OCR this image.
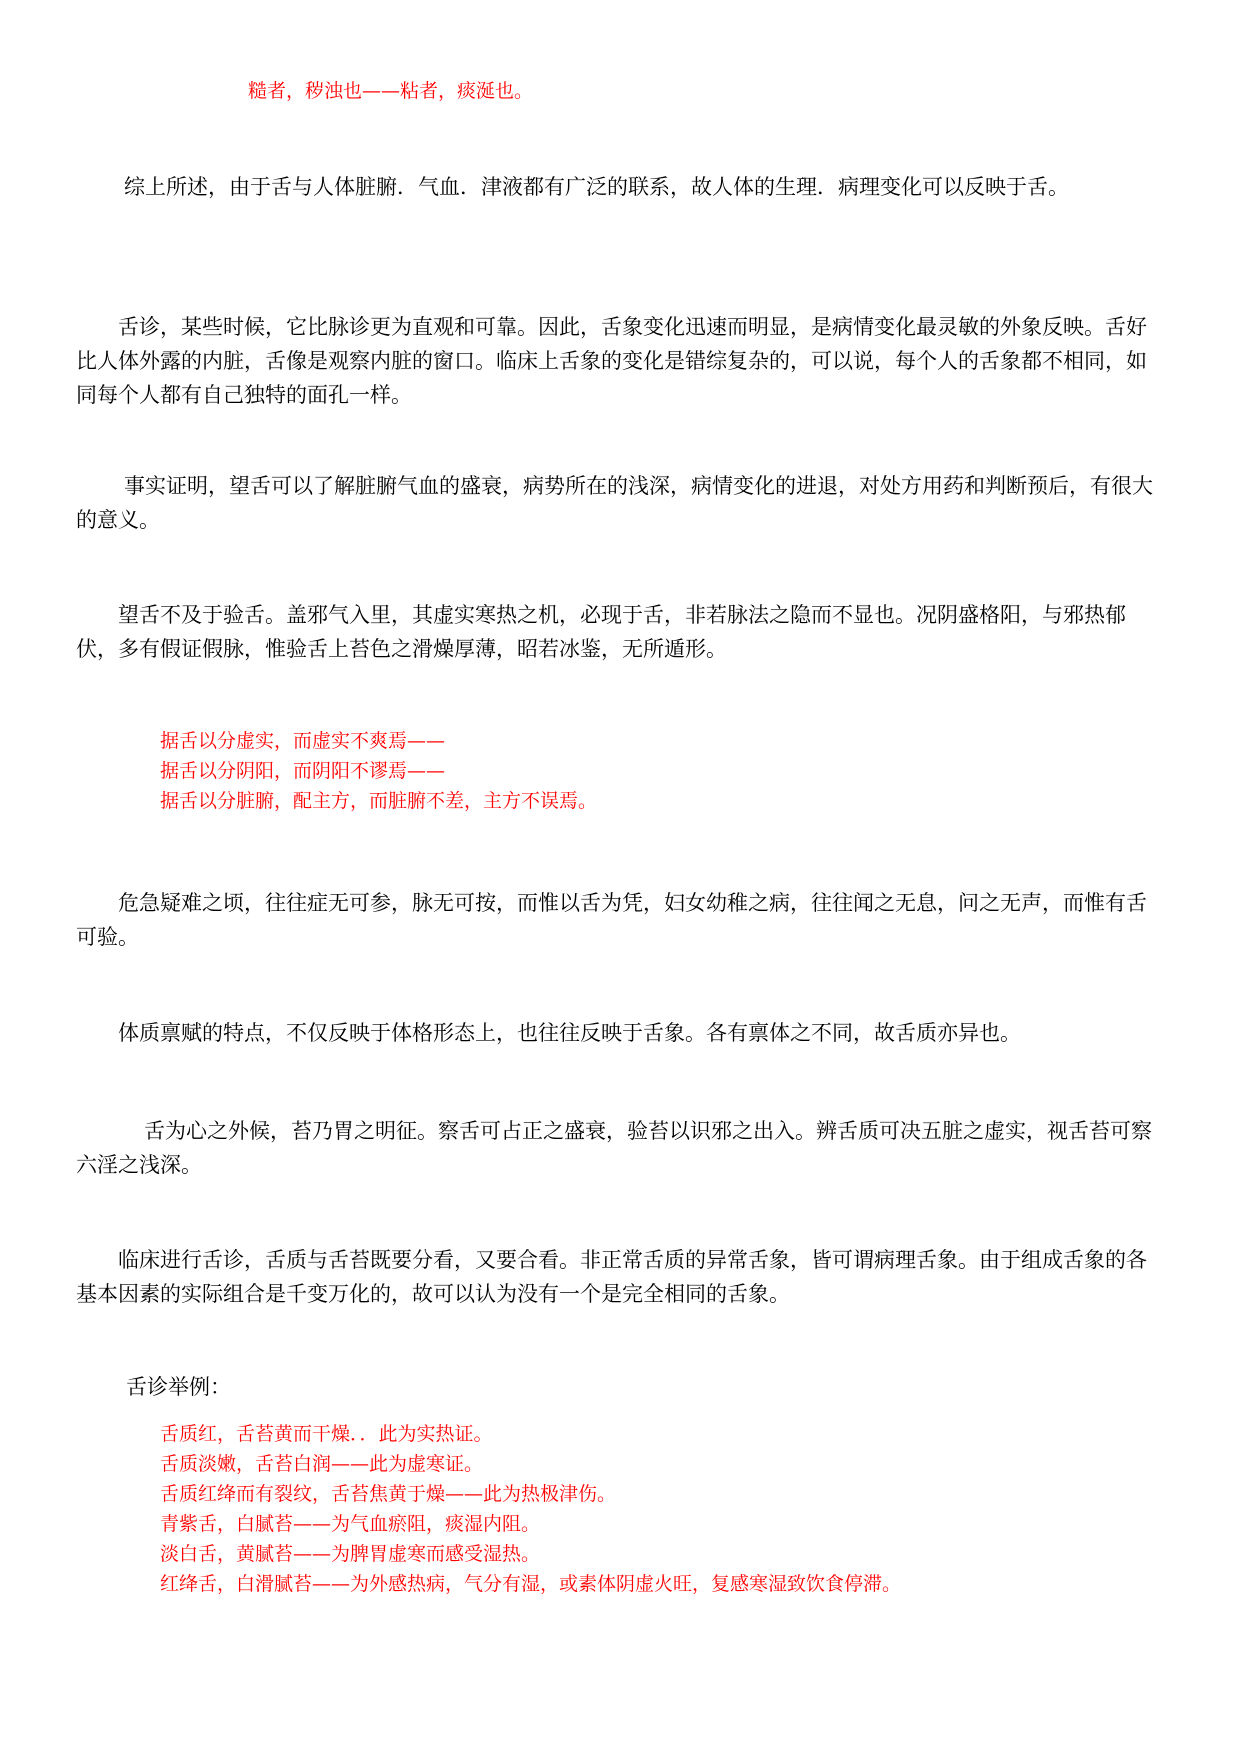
糙者，秽浊也——粘者，痰涎也。

综上所述，由于舌与人体脏腑．气血．津液都有广泛的联系，故人体的生理．病理变化可以反映于舌。

舌诊，某些时候，它比脉诊更为直观和可靠。因此，舌象变化迅速而明显，是病情变化最灵敏的外象反映。舌好比人体外露的内脏，舌像是观察内脏的窗口。临床上舌象的变化是错综复杂的，可以说，每个人的舌象都不相同，如同每个人都有自己独特的面孔一样。

事实证明，望舌可以了解脏腑气血的盛衰，病势所在的浅深，病情变化的进退，对处方用药和判断预后，有很大的意义。

望舌不及于验舌。盖邪气入里，其虚实寒热之机，必现于舌，非若脉法之隐而不显也。况阴盛格阳，与邪热郁伏，多有假证假脉，惟验舌上苔色之滑燥厚薄，昭若冰鉴，无所遁形。

据舌以分虚实，而虚实不爽焉——

据舌以分阴阳，而阴阳不谬焉——

据舌以分脏腑，配主方，而脏腑不差，主方不误焉。

危急疑难之顷，往往症无可参，脉无可按，而惟以舌为凭，妇女幼稚之病，往往闻之无息，问之无声，而惟有舌可验。

体质禀赋的特点，不仅反映于体格形态上，也往往反映于舌象。各有禀体之不同，故舌质亦异也。

舌为心之外候，苔乃胃之明征。察舌可占正之盛衰，验苔以识邪之出入。辨舌质可决五脏之虚实，视舌苔可察六淫之浅深。

临床进行舌诊，舌质与舌苔既要分看，又要合看。非正常舌质的异常舌象，皆可谓病理舌象。由于组成舌象的各基本因素的实际组合是千变万化的，故可以认为没有一个是完全相同的舌象。

舌诊举例：

舌质红，舌苔黄而干燥．．此为实热证。

舌质淡嫩，舌苔白润——此为虚寒证。

舌质红绛而有裂纹，舌苔焦黄于燥——此为热极津伤。

青紫舌，白腻苔——为气血瘀阻，痰湿内阻。

淡白舌，黄腻苔——为脾胃虚寒而感受湿热。

红绛舌，白滑腻苔——为外感热病，气分有湿，或素体阴虚火旺，复感寒湿致饮食停滞。
